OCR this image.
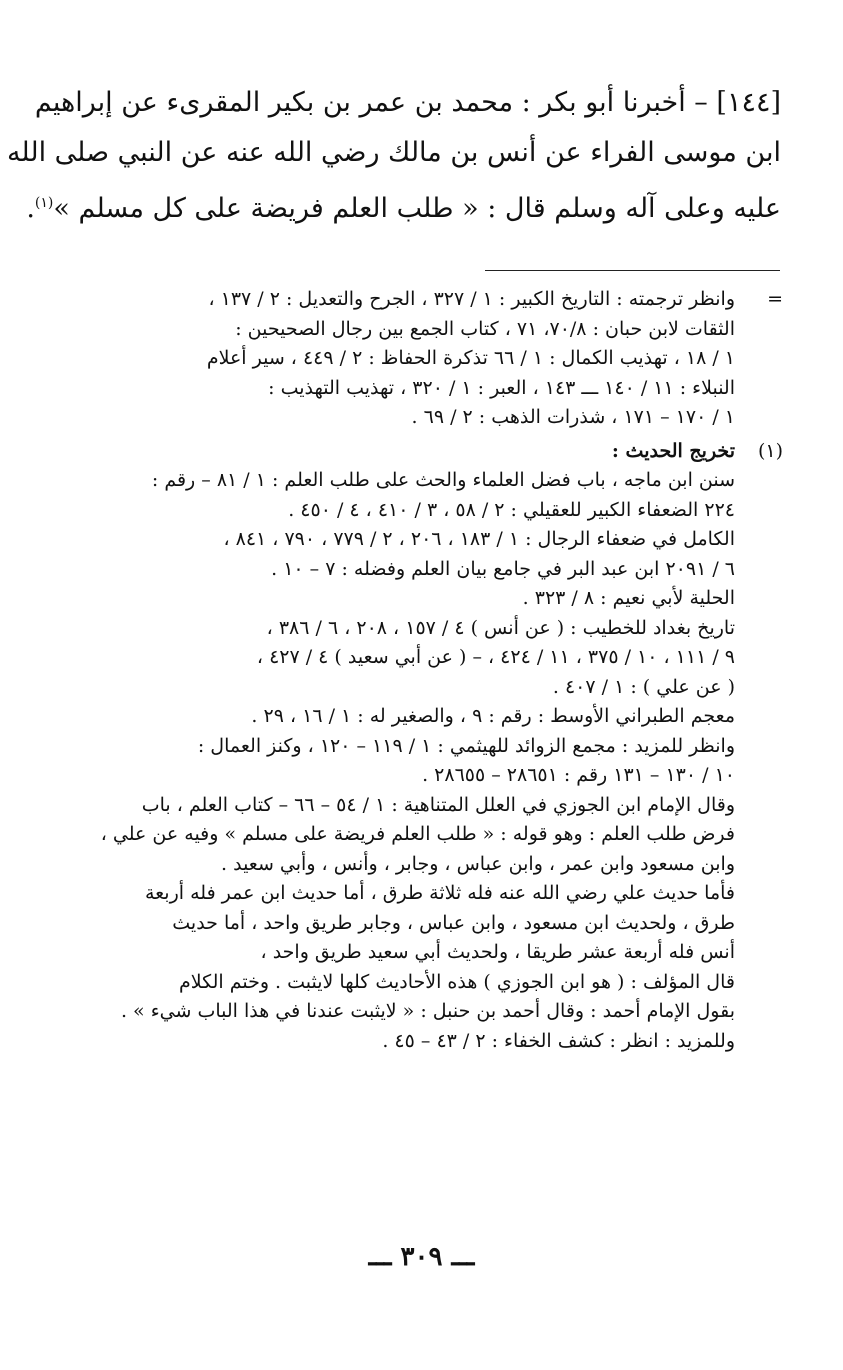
[١٤٤] – أخبرنا أبو بكر : محمد بن عمر بن بكير المقرىء عن إبراهيم
ابن موسى الفراء عن أنس بن مالك رضي الله عنه عن النبي صلى الله
عليه وعلى آله وسلم قال : « طلب العلم فريضة على كل مسلم »$^{(١)}$.
=
وانظر ترجمته : التاريخ الكبير : ١ / ٣٢٧ ، الجرح والتعديل : ٢ / ١٣٧ ،
الثقات لابن حبان : ٧٠/٨، ٧١ ، كتاب الجمع بين رجال الصحيحين :
١ / ١٨ ، تهذيب الكمال : ١ / ٦٦ تذكرة الحفاظ : ٢ / ٤٤٩ ، سير أعلام
النبلاء : ١١ / ١٤٠ ـــ ١٤٣ ، العبر : ١ / ٣٢٠ ، تهذيب التهذيب :
١ / ١٧٠ – ١٧١ ، شذرات الذهب : ٢ / ٦٩ .
(١)
تخريج الحديث :
سنن ابن ماجه ، باب فضل العلماء والحث على طلب العلم : ١ / ٨١ – رقم :
٢٢٤ الضعفاء الكبير للعقيلي : ٢ / ٥٨ ، ٣ / ٤١٠ ، ٤ / ٤٥٠ .
الكامل في ضعفاء الرجال : ١ / ١٨٣ ، ٢٠٦ ، ٢ / ٧٧٩ ، ٧٩٠ ، ٨٤١ ،
٦ / ٢٠٩١ ابن عبد البر في جامع بيان العلم وفضله : ٧ – ١٠ .
الحلية لأبي نعيم : ٨ / ٣٢٣ .
تاريخ بغداد للخطيب : ( عن أنس ) ٤ / ١٥٧ ، ٢٠٨ ، ٦ / ٣٨٦ ،
٩ / ١١١ ، ١٠ / ٣٧٥ ، ١١ / ٤٢٤ ، – ( عن أبي سعيد ) ٤ / ٤٢٧ ،
( عن علي ) : ١ / ٤٠٧ .
معجم الطبراني الأوسط : رقم : ٩ ، والصغير له : ١ / ١٦ ، ٢٩ .
وانظر للمزيد : مجمع الزوائد للهيثمي : ١ / ١١٩ – ١٢٠ ، وكنز العمال :
١٠ / ١٣٠ – ١٣١ رقم : ٢٨٦٥١ – ٢٨٦٥٥ .
وقال الإمام ابن الجوزي في العلل المتناهية : ١ / ٥٤ – ٦٦ – كتاب العلم ، باب
فرض طلب العلم : وهو قوله : « طلب العلم فريضة على مسلم » وفيه عن علي ،
وابن مسعود وابن عمر ، وابن عباس ، وجابر ، وأنس ، وأبي سعيد .
فأما حديث علي رضي الله عنه فله ثلاثة طرق ، أما حديث ابن عمر فله أربعة
طرق ، ولحديث ابن مسعود ، وابن عباس ، وجابر طريق واحد ، أما حديث
أنس فله أربعة عشر طريقا ، ولحديث أبي سعيد طريق واحد ،
قال المؤلف : ( هو ابن الجوزي ) هذه الأحاديث كلها لايثبت . وختم الكلام
بقول الإمام أحمد : وقال أحمد بن حنبل : « لايثبت عندنا في هذا الباب شيء » .
وللمزيد : انظر : كشف الخفاء : ٢ / ٤٣ – ٤٥ .
ـــ ٣٠٩ ـــ
